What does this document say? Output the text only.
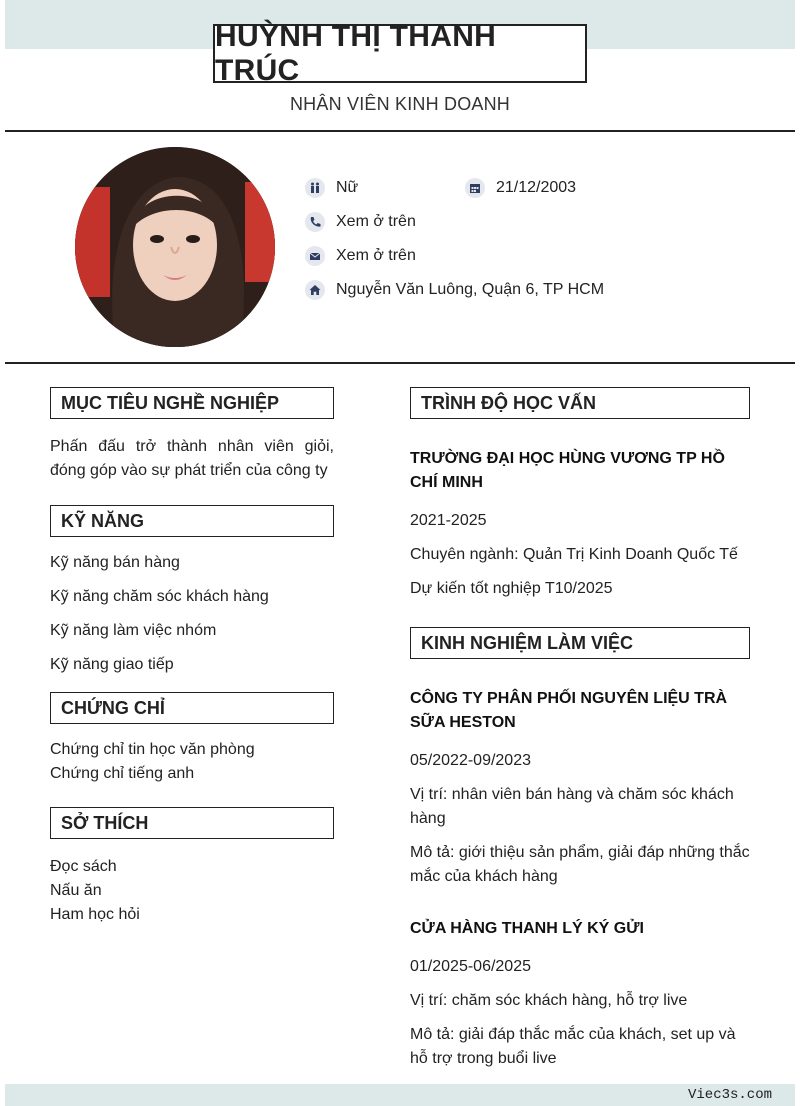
HUỲNH THỊ THANH TRÚC
NHÂN VIÊN KINH DOANH
Nữ	21/12/2003
Xem ở trên
Xem ở trên
Nguyễn Văn Luông, Quận 6, TP HCM
MỤC TIÊU NGHỀ NGHIỆP
Phấn đấu trở thành nhân viên giỏi, đóng góp vào sự phát triển của công ty
KỸ NĂNG
Kỹ năng bán hàng
Kỹ năng chăm sóc khách hàng
Kỹ năng làm việc nhóm
Kỹ năng giao tiếp
CHỨNG CHỈ
Chứng chỉ tin học văn phòng
Chứng chỉ tiếng anh
SỞ THÍCH
Đọc sách
Nấu ăn
Ham học hỏi
TRÌNH ĐỘ HỌC VẤN
TRƯỜNG ĐẠI HỌC HÙNG VƯƠNG TP HỒ CHÍ MINH
2021-2025
Chuyên ngành: Quản Trị Kinh Doanh Quốc Tế
Dự kiến tốt nghiệp T10/2025
KINH NGHIỆM LÀM VIỆC
CÔNG TY PHÂN PHỐI NGUYÊN LIỆU TRÀ SỮA HESTON
05/2022-09/2023
Vị trí: nhân viên bán hàng và chăm sóc khách hàng
Mô tả: giới thiệu sản phẩm, giải đáp những thắc mắc của khách hàng
CỬA HÀNG THANH LÝ KÝ GỬI
01/2025-06/2025
Vị trí: chăm sóc khách hàng, hỗ trợ live
Mô tả: giải đáp thắc mắc của khách, set up và hỗ trợ trong buổi live
Viec3s.com
